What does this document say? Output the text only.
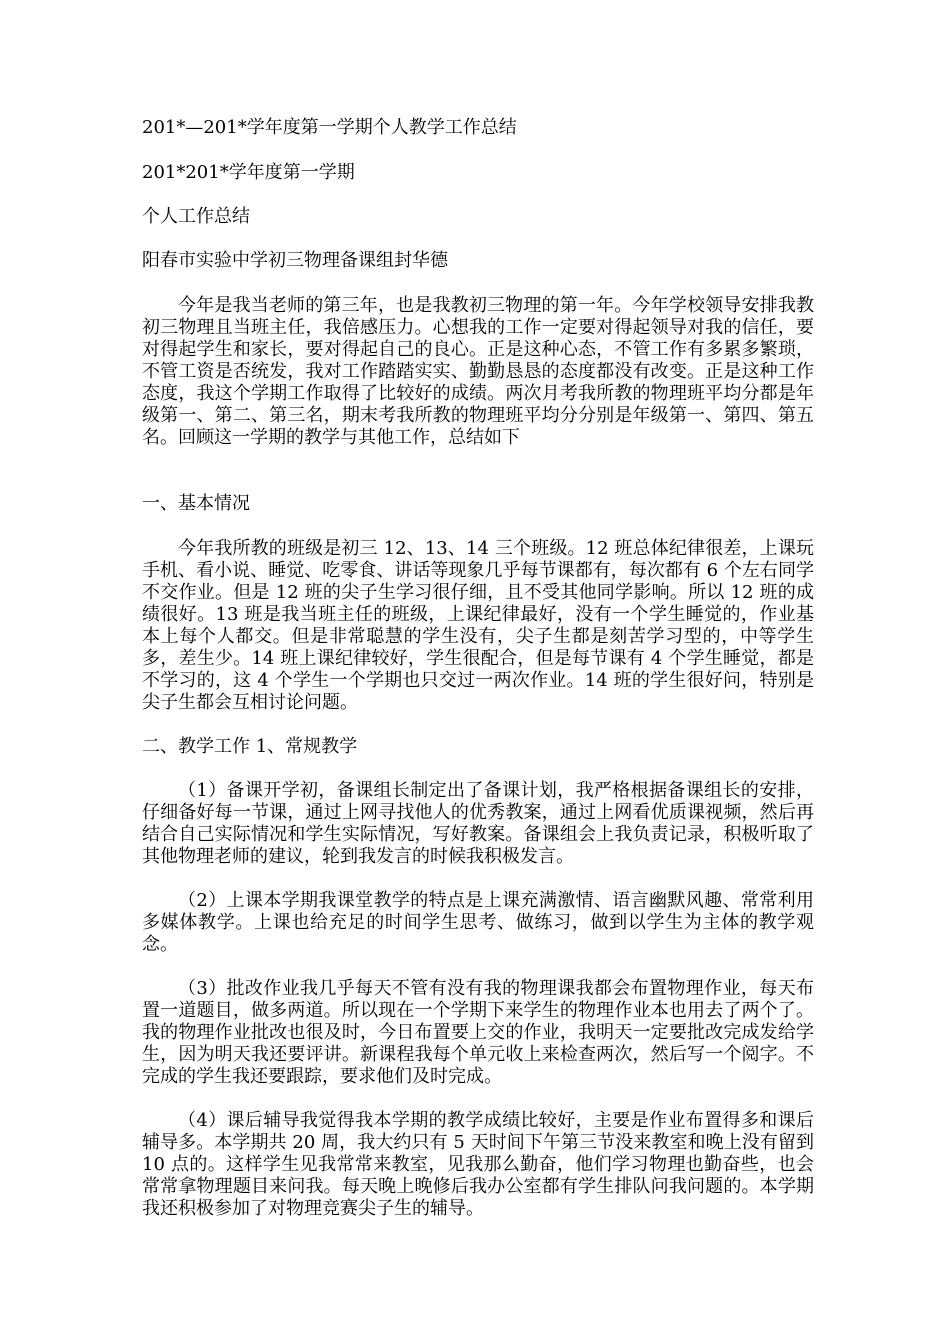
201*—201*学年度第一学期个人教学工作总结

201*201*学年度第一学期

个人工作总结

阳春市实验中学初三物理备课组封华德

今年是我当老师的第三年，也是我教初三物理的第一年。今年学校领导安排我教初三物理且当班主任，我倍感压力。心想我的工作一定要对得起领导对我的信任，要对得起学生和家长，要对得起自己的良心。正是这种心态，不管工作有多累多繁琐，不管工资是否统发，我对工作踏踏实实、勤勤恳恳的态度都没有改变。正是这种工作态度，我这个学期工作取得了比较好的成绩。两次月考我所教的物理班平均分都是年级第一、第二、第三名，期末考我所教的物理班平均分分别是年级第一、第四、第五名。回顾这一学期的教学与其他工作，总结如下

一、基本情况

今年我所教的班级是初三 12、13、14 三个班级。12 班总体纪律很差，上课玩手机、看小说、睡觉、吃零食、讲话等现象几乎每节课都有，每次都有 6 个左右同学不交作业。但是 12 班的尖子生学习很仔细，且不受其他同学影响。所以 12 班的成绩很好。13 班是我当班主任的班级，上课纪律最好，没有一个学生睡觉的，作业基本上每个人都交。但是非常聪慧的学生没有，尖子生都是刻苦学习型的，中等学生多，差生少。14 班上课纪律较好，学生很配合，但是每节课有 4 个学生睡觉，都是不学习的，这 4 个学生一个学期也只交过一两次作业。14 班的学生很好问，特别是尖子生都会互相讨论问题。

二、教学工作 1、常规教学

（1）备课开学初，备课组长制定出了备课计划，我严格根据备课组长的安排，仔细备好每一节课，通过上网寻找他人的优秀教案，通过上网看优质课视频，然后再结合自己实际情况和学生实际情况，写好教案。备课组会上我负责记录，积极听取了其他物理老师的建议，轮到我发言的时候我积极发言。

（2）上课本学期我课堂教学的特点是上课充满激情、语言幽默风趣、常常利用多媒体教学。上课也给充足的时间学生思考、做练习，做到以学生为主体的教学观念。

（3）批改作业我几乎每天不管有没有我的物理课我都会布置物理作业，每天布置一道题目，做多两道。所以现在一个学期下来学生的物理作业本也用去了两个了。我的物理作业批改也很及时，今日布置要上交的作业，我明天一定要批改完成发给学生，因为明天我还要评讲。新课程我每个单元收上来检查两次，然后写一个阅字。不完成的学生我还要跟踪，要求他们及时完成。

（4）课后辅导我觉得我本学期的教学成绩比较好，主要是作业布置得多和课后辅导多。本学期共 20 周，我大约只有 5 天时间下午第三节没来教室和晚上没有留到 10 点的。这样学生见我常常来教室，见我那么勤奋，他们学习物理也勤奋些，也会常常拿物理题目来问我。每天晚上晚修后我办公室都有学生排队问我问题的。本学期我还积极参加了对物理竞赛尖子生的辅导。
